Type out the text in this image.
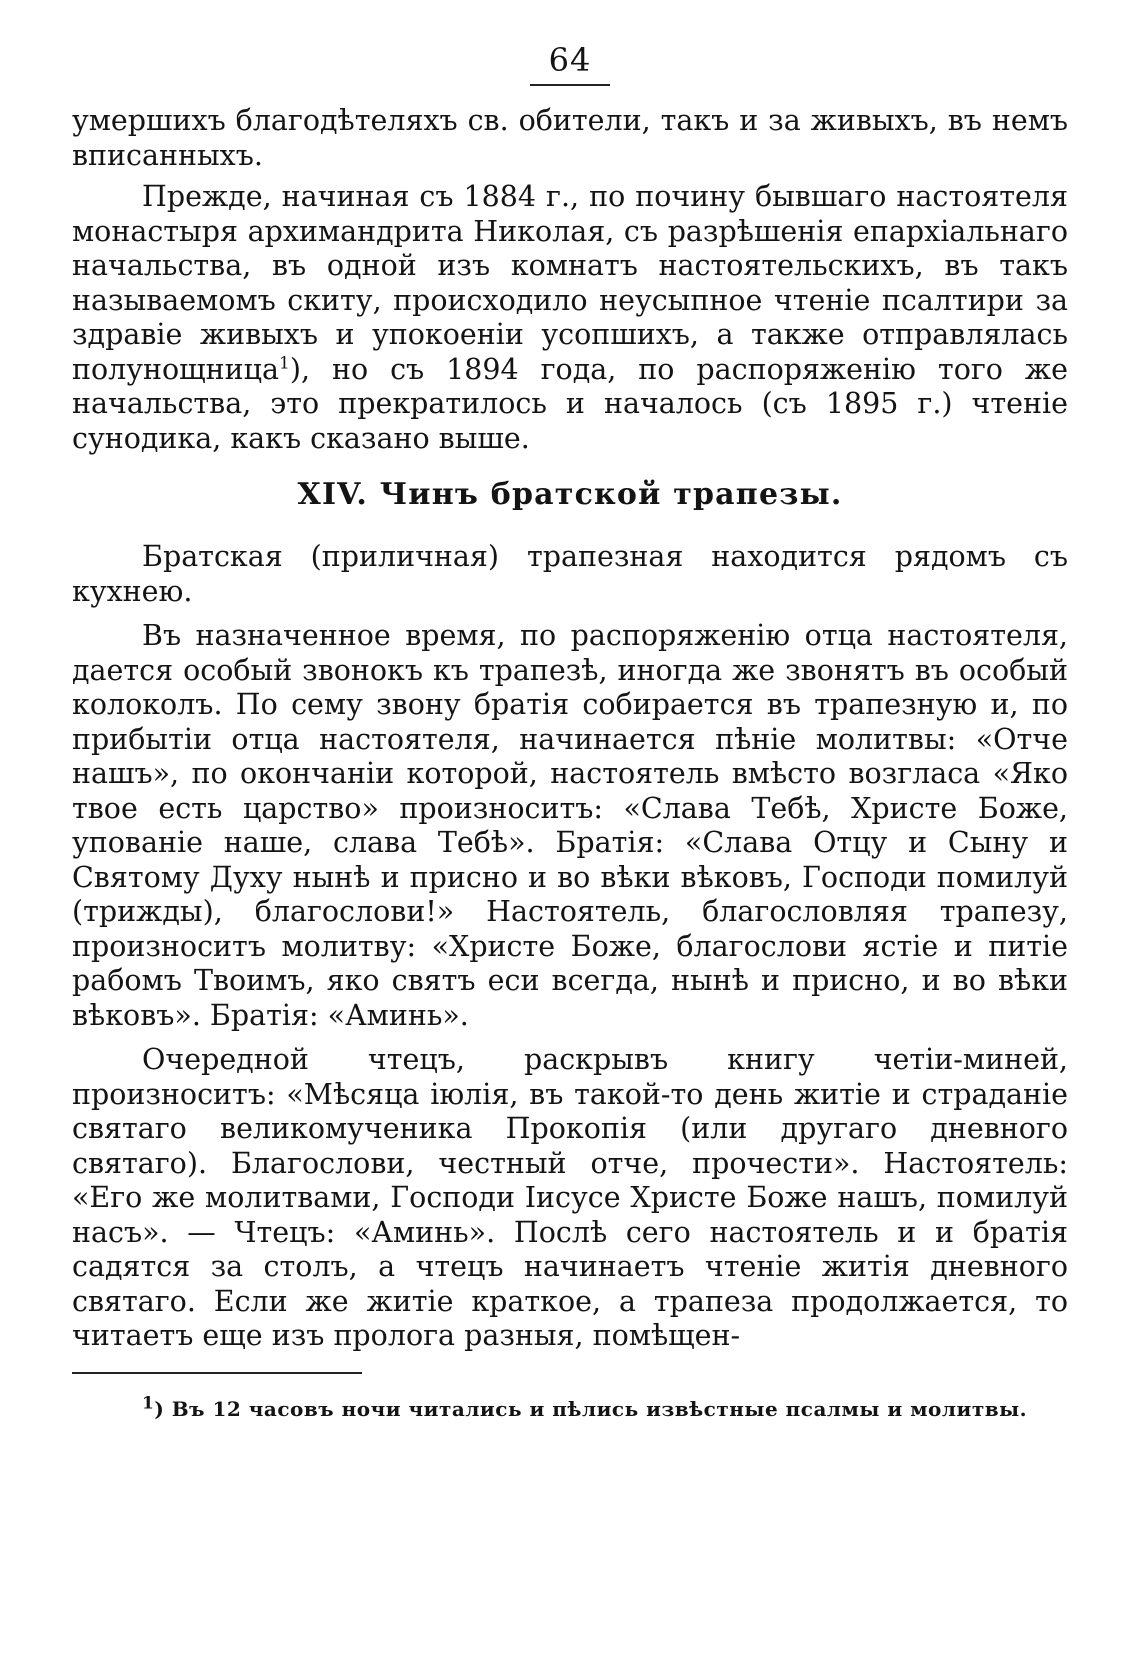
64

умершихъ благодѣтеляхъ св. обители, такъ и за живыхъ, въ немъ вписанныхъ.

Прежде, начиная съ 1884 г., по почину бывшаго настоятеля монастыря архимандрита Николая, съ разрѣшенія епархіальнаго начальства, въ одной изъ комнатъ настоятельскихъ, въ такъ называемомъ скиту, происходило неусыпное чтеніе псалтири за здравіе живыхъ и упокоеніи усопшихъ, а также отправлялась полунощница$^1$), но съ 1894 года, по распоряженію того же начальства, это прекратилось и началось (съ 1895 г.) чтеніе сунодика, какъ сказано выше.

XIV. Чинъ братской трапезы.

Братская (приличная) трапезная находится рядомъ съ кухнею.

Въ назначенное время, по распоряженію отца настоятеля, дается особый звонокъ къ трапезѣ, иногда же звонятъ въ особый колоколъ. По сему звону братія собирается въ трапезную и, по прибытіи отца настоятеля, начинается пѣніе молитвы: «Отче нашъ», по окончаніи которой, настоятель вмѣсто возгласа «Яко твое есть царство» произноситъ: «Слава Тебѣ, Христе Боже, упованіе наше, слава Тебѣ». Братія: «Слава Отцу и Сыну и Святому Духу нынѣ и присно и во вѣки вѣковъ, Господи помилуй (трижды), благослови!» Настоятель, благословляя трапезу, произноситъ молитву: «Христе Боже, благослови ястіе и питіе рабомъ Твоимъ, яко святъ еси всегда, нынѣ и присно, и во вѣки вѣковъ». Братія: «Аминь».

Очередной чтецъ, раскрывъ книгу четіи-миней, произноситъ: «Мѣсяца іюлія, въ такой-то день житіе и страданіе святаго великомученика Прокопія (или другаго дневного святаго). Благослови, честный отче, прочести». Настоятель: «Его же молитвами, Господи Іисусе Христе Боже нашъ, помилуй насъ». — Чтецъ: «Аминь». Послѣ сего настоятель и и братія садятся за столъ, а чтецъ начинаетъ чтеніе житія дневного святаго. Если же житіе краткое, а трапеза продолжается, то читаетъ еще изъ пролога разныя, помѣщен-

$^1$) Въ 12 часовъ ночи читались и пѣлись извѣстные псалмы и молитвы.
